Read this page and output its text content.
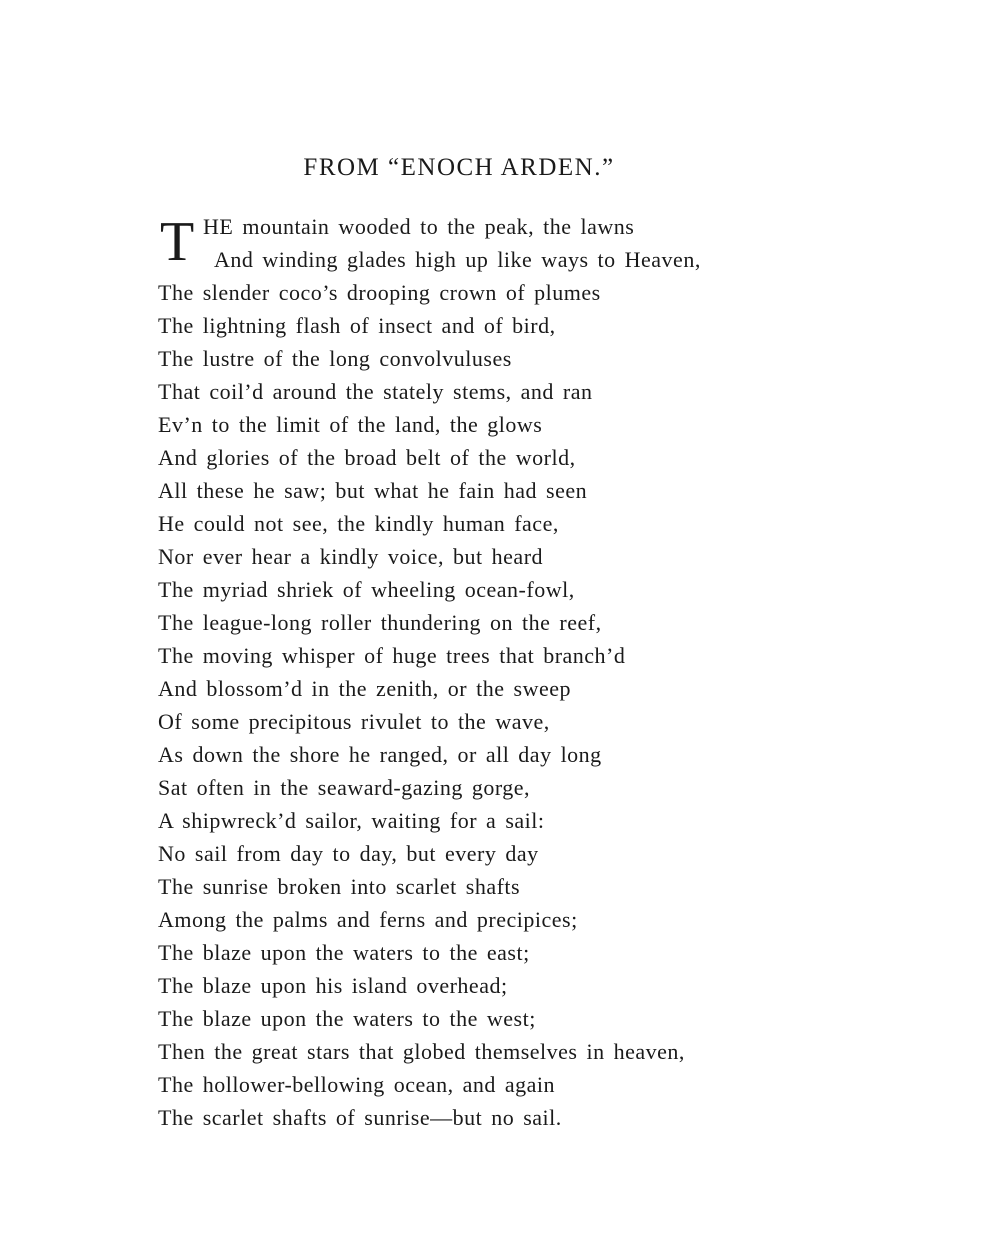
FROM “ENOCH ARDEN.”
T HE mountain wooded to the peak, the lawns
And winding glades high up like ways to Heaven,
The slender coco’s drooping crown of plumes
The lightning flash of insect and of bird,
The lustre of the long convolvuluses
That coil’d around the stately stems, and ran
Ev’n to the limit of the land, the glows
And glories of the broad belt of the world,
All these he saw; but what he fain had seen
He could not see, the kindly human face,
Nor ever hear a kindly voice, but heard
The myriad shriek of wheeling ocean-fowl,
The league-long roller thundering on the reef,
The moving whisper of huge trees that branch’d
And blossom’d in the zenith, or the sweep
Of some precipitous rivulet to the wave,
As down the shore he ranged, or all day long
Sat often in the seaward-gazing gorge,
A shipwreck’d sailor, waiting for a sail:
No sail from day to day, but every day
The sunrise broken into scarlet shafts
Among the palms and ferns and precipices;
The blaze upon the waters to the east;
The blaze upon his island overhead;
The blaze upon the waters to the west;
Then the great stars that globed themselves in heaven,
The hollower-bellowing ocean, and again
The scarlet shafts of sunrise—but no sail.
